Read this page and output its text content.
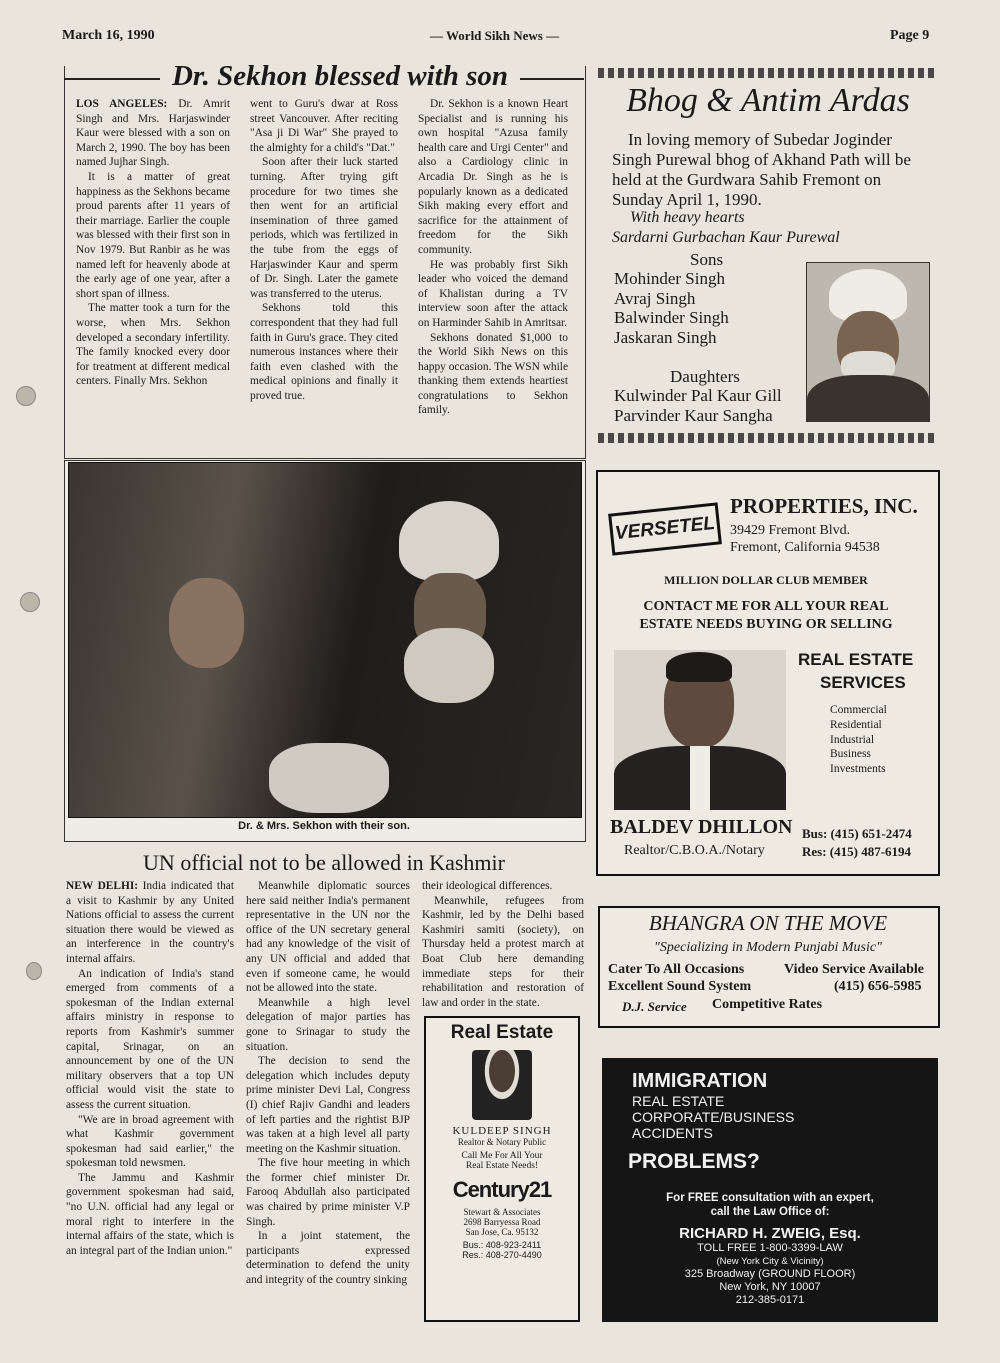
March 16, 1990	— World Sikh News —	Page 9
Dr. Sekhon blessed with son

LOS ANGELES: Dr. Amrit Singh and Mrs. Harjaswinder Kaur were blessed with a son on March 2, 1990. The boy has been named Jujhar Singh.

It is a matter of great happiness as the Sekhons became proud parents after 11 years of their marriage. Earlier the couple was blessed with their first son in Nov 1979. But Ranbir as he was named left for heavenly abode at the early age of one year, after a short span of illness.

The matter took a turn for the worse, when Mrs. Sekhon developed a secondary infertility. The family knocked every door for treatment at different medical centers. Finally Mrs. Sekhon

went to Guru's dwar at Ross street Vancouver. After reciting "Asa ji Di War" She prayed to the almighty for a child's "Dat."

Soon after their luck started turning. After trying gift procedure for two times she then went for an artificial insemination of three gamed periods, which was fertilized in the tube from the eggs of Harjaswinder Kaur and sperm of Dr. Singh. Later the gamete was transferred to the uterus.

Sekhons told this correspondent that they had full faith in Guru's grace. They cited numerous instances where their faith even clashed with the medical opinions and finally it proved true.

Dr. Sekhon is a known Heart Specialist and is running his own hospital "Azusa family health care and Urgi Center" and also a Cardiology clinic in Arcadia Dr. Singh as he is popularly known as a dedicated Sikh making every effort and sacrifice for the attainment of freedom for the Sikh community.

He was probably first Sikh leader who voiced the demand of Khalistan during a TV interview soon after the attack on Harminder Sahib in Amritsar.

Sekhons donated $1,000 to the World Sikh News on this happy occasion. The WSN while thanking them extends heartiest congratulations to Sekhon family.

Dr. & Mrs. Sekhon with their son.
UN official not to be allowed in Kashmir

NEW DELHI: India indicated that a visit to Kashmir by any United Nations official to assess the current situation there would be viewed as an interference in the country's internal affairs.

An indication of India's stand emerged from comments of a spokesman of the Indian external affairs ministry in response to reports from Kashmir's summer capital, Srinagar, on an announcement by one of the UN military observers that a top UN official would visit the state to assess the current situation.

"We are in broad agreement with what Kashmir government spokesman had said earlier," the spokesman told newsmen.

The Jammu and Kashmir government spokesman had said, "no U.N. official had any legal or moral right to interfere in the internal affairs of the state, which is an integral part of the Indian union."

Meanwhile diplomatic sources here said neither India's permanent representative in the UN nor the office of the UN secretary general had any knowledge of the visit of any UN official and added that even if someone came, he would not be allowed into the state.

Meanwhile a high level delegation of major parties has gone to Srinagar to study the situation.

The decision to send the delegation which includes deputy prime minister Devi Lal, Congress (I) chief Rajiv Gandhi and leaders of left parties and the rightist BJP was taken at a high level all party meeting on the Kashmir situation.

The five hour meeting in which the former chief minister Dr. Farooq Abdullah also participated was chaired by prime minister V.P Singh.

In a joint statement, the participants expressed determination to defend the unity and integrity of the country sinking

their ideological differences.

Meanwhile, refugees from Kashmir, led by the Delhi based Kashmiri samiti (society), on Thursday held a protest march at Boat Club here demanding immediate steps for their rehabilitation and restoration of law and order in the state.

Real Estate
KULDEEP SINGH
Realtor & Notary Public
Call Me For All Your
Real Estate Needs!
Century21
Stewart & Associates
2698 Barryessa Road
San Jose, Ca. 95132
Bus.: 408-923-2411
Res.: 408-270-4490
Bhog & Antim Ardas
In loving memory of Subedar Joginder Singh Purewal bhog of Akhand Path will be held at the Gurdwara Sahib Fremont on Sunday April 1, 1990.
With heavy hearts
Sardarni Gurbachan Kaur Purewal
Sons
Mohinder Singh
Avraj Singh
Balwinder Singh
Jaskaran Singh
Daughters
Kulwinder Pal Kaur Gill
Parvinder Kaur Sangha
VERSETEL
PROPERTIES, INC.
39429 Fremont Blvd.
Fremont, California 94538
MILLION DOLLAR CLUB MEMBER
CONTACT ME FOR ALL YOUR REAL
ESTATE NEEDS BUYING OR SELLING
REAL ESTATE
SERVICES
Commercial
Residential
Industrial
Business
Investments
BALDEV DHILLON
Realtor/C.B.O.A./Notary
Bus: (415) 651-2474
Res: (415) 487-6194
BHANGRA ON THE MOVE
"Specializing in Modern Punjabi Music"
Cater To All Occasions	Video Service Available
Excellent Sound System	(415) 656-5985
D.J. Service Competitive Rates
IMMIGRATION
REAL ESTATE
CORPORATE/BUSINESS
ACCIDENTS
PROBLEMS?
For FREE consultation with an expert,
call the Law Office of:
RICHARD H. ZWEIG, Esq.
TOLL FREE 1-800-3399-LAW
(New York City & Vicinity)
325 Broadway (GROUND FLOOR)
New York, NY 10007
212-385-0171
